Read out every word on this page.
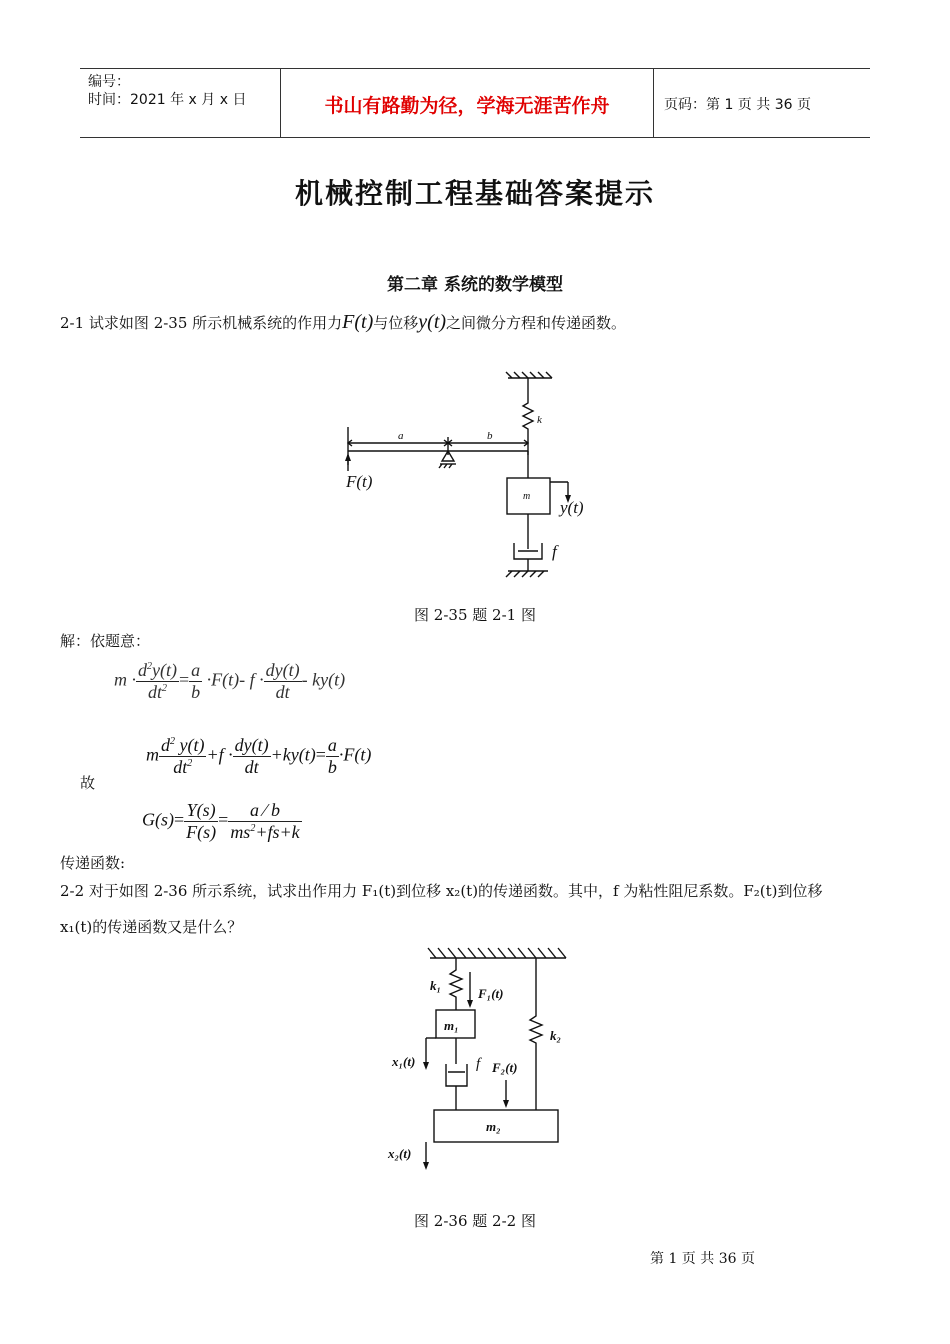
编号：
时间：2021 年 x 月 x 日	书山有路勤为径，学海无涯苦作舟	页码：第 1 页 共 36 页
机械控制工程基础答案提示
第二章 系统的数学模型
2-1 试求如图 2-35 所示机械系统的作用力F(t)与位移y(t)之间微分方程和传递函数。
a	b
k
m
F(t)
y(t)
f
图 2-35 题 2-1 图
解：依题意：
$m \cdot \frac{d^2y(t)}{dt^2} = \frac{a}{b} \cdot F(t)-$ $f \cdot \frac{dy(t)}{dt} - ky(t)$
故
m $\frac{d^2 y(t)}{dt^2} +f \cdot \frac{dy(t)}{dt} +ky(t)= \frac{a}{b} \cdot F(t)$
传递函数:
$G(s)= \frac{Y(s)}{F(s)} = \frac{a ⁄ b}{ms^2+fs+k}$
2-2 对于如图 2-36 所示系统，试求出作用力 F₁(t)到位移 x₂(t)的传递函数。其中，f 为粘性阻尼系数。F₂(t)到位移
x₁(t)的传递函数又是什么？
k₁
F₁(t)
m₁
k₂
x₁(t)	f F₂(t)
m₂
x₂(t)
图 2-36 题 2-2 图
第 1 页 共 36 页
